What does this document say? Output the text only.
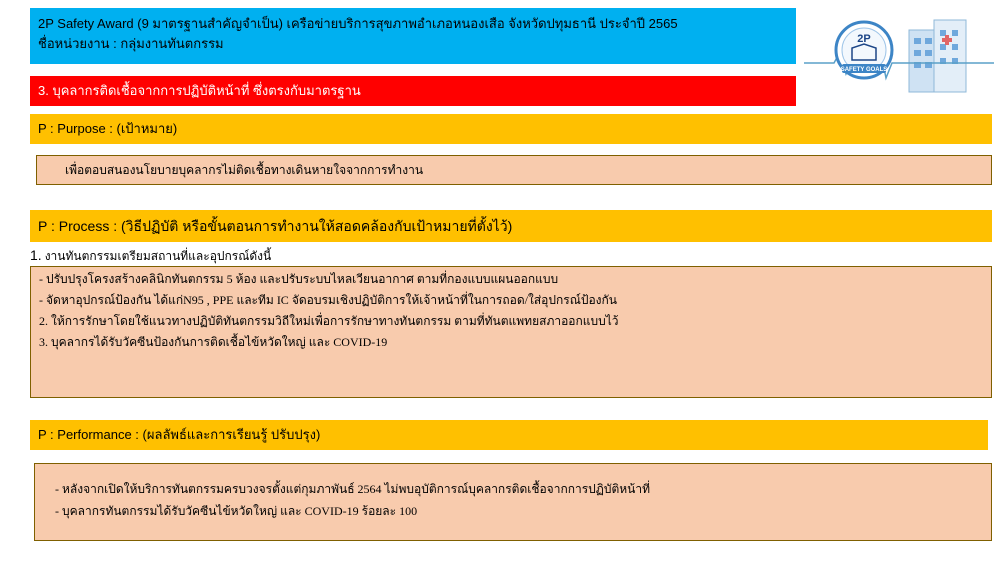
2P Safety Award (9 มาตรฐานสำคัญจำเป็น) เครือข่ายบริการสุขภาพอำเภอหนองเสือ จังหวัดปทุมธานี ประจำปี 2565
ชื่อหน่วยงาน : กลุ่มงานทันตกรรม	2P
SAFETY GOALS
3. บุคลากรติดเชื้อจากการปฏิบัติหน้าที่ ซึ่งตรงกับมาตรฐาน
P : Purpose : (เป้าหมาย)
เพื่อตอบสนองนโยบายบุคลากรไม่ติดเชื้อทางเดินหายใจจากการทำงาน
P : Process : (วิธีปฏิบัติ หรือขั้นตอนการทำงานให้สอดคล้องกับเป้าหมายที่ตั้งไว้)
1. งานทันตกรรมเตรียมสถานที่และอุปกรณ์ดังนี้
- ปรับปรุงโครงสร้างคลินิกทันตกรรม 5 ห้อง และปรับระบบไหลเวียนอากาศ ตามที่กองแบบแผนออกแบบ
- จัดหาอุปกรณ์ป้องกัน ได้แก่N95 , PPE และทีม IC จัดอบรมเชิงปฏิบัติการให้เจ้าหน้าที่ในการถอด/ใส่อุปกรณ์ป้องกัน
2. ให้การรักษาโดยใช้แนวทางปฏิบัติทันตกรรมวิถีใหม่เพื่อการรักษาทางทันตกรรม ตามที่ทันตแพทยสภาออกแบบไว้
3. บุคลากรได้รับวัคซีนป้องกันการติดเชื้อไข้หวัดใหญ่ และ COVID-19
P : Performance : (ผลลัพธ์และการเรียนรู้ ปรับปรุง)
- หลังจากเปิดให้บริการทันตกรรมครบวงจรตั้งแต่กุมภาพันธ์ 2564 ไม่พบอุบัติการณ์บุคลากรติดเชื้อจากการปฏิบัติหน้าที่
- บุคลากรทันตกรรมได้รับวัคซีนไข้หวัดใหญ่ และ COVID-19 ร้อยละ 100
